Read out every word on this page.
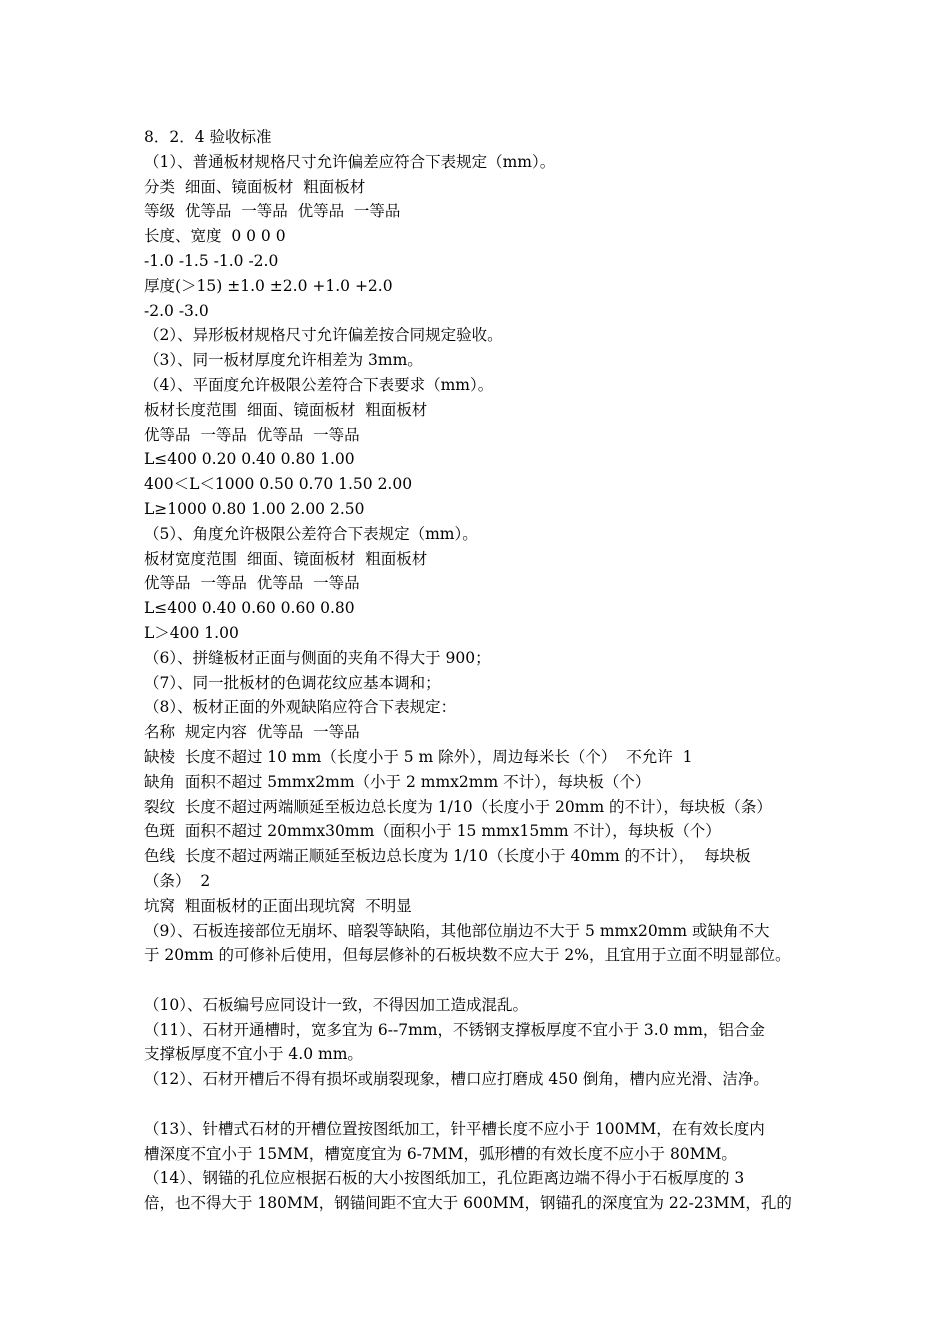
8．2．4 验收标准
（1）、普通板材规格尺寸允许偏差应符合下表规定（mm）。
分类  细面、镜面板材  粗面板材
等级  优等品  一等品  优等品  一等品
长度、宽度  0 0 0 0
-1.0 -1.5 -1.0 -2.0
厚度(＞15) ±1.0 ±2.0 +1.0 +2.0
-2.0 -3.0
（2）、异形板材规格尺寸允许偏差按合同规定验收。
（3）、同一板材厚度允许相差为 3mm。
（4）、平面度允许极限公差符合下表要求（mm）。
板材长度范围  细面、镜面板材  粗面板材
优等品  一等品  优等品  一等品
L≤400 0.20 0.40 0.80 1.00
400＜L＜1000 0.50 0.70 1.50 2.00
L≥1000 0.80 1.00 2.00 2.50
（5）、角度允许极限公差符合下表规定（mm）。
板材宽度范围  细面、镜面板材  粗面板材
优等品  一等品  优等品  一等品
L≤400 0.40 0.60 0.60 0.80
L＞400 1.00
（6）、拼缝板材正面与侧面的夹角不得大于 900；
（7）、同一批板材的色调花纹应基本调和；
（8）、板材正面的外观缺陷应符合下表规定：
名称  规定内容  优等品  一等品
缺棱  长度不超过 10 mm（长度小于 5 m 除外），周边每米长（个）  不允许  1
缺角  面积不超过 5mmx2mm（小于 2 mmx2mm 不计），每块板（个）
裂纹  长度不超过两端顺延至板边总长度为 1/10（长度小于 20mm 的不计），每块板（条）
色斑  面积不超过 20mmx30mm（面积小于 15 mmx15mm 不计），每块板（个）
色线  长度不超过两端正顺延至板边总长度为 1/10（长度小于 40mm 的不计），  每块板
（条）  2
坑窝  粗面板材的正面出现坑窝  不明显
（9）、石板连接部位无崩坏、暗裂等缺陷，其他部位崩边不大于 5 mmx20mm 或缺角不大
于 20mm 的可修补后使用，但每层修补的石板块数不应大于 2%，且宜用于立面不明显部位。
（10）、石板编号应同设计一致，不得因加工造成混乱。
（11）、石材开通槽时，宽多宜为 6--7mm，不锈钢支撑板厚度不宜小于 3.0 mm，铝合金
支撑板厚度不宜小于 4.0 mm。
（12）、石材开槽后不得有损坏或崩裂现象，槽口应打磨成 450 倒角，槽内应光滑、洁净。
（13）、针槽式石材的开槽位置按图纸加工，针平槽长度不应小于 100MM，在有效长度内
槽深度不宜小于 15MM，槽宽度宜为 6-7MM，弧形槽的有效长度不应小于 80MM。
（14）、钢锚的孔位应根据石板的大小按图纸加工，孔位距离边端不得小于石板厚度的 3
倍，也不得大于 180MM，钢锚间距不宜大于 600MM，钢锚孔的深度宜为 22-23MM，孔的
